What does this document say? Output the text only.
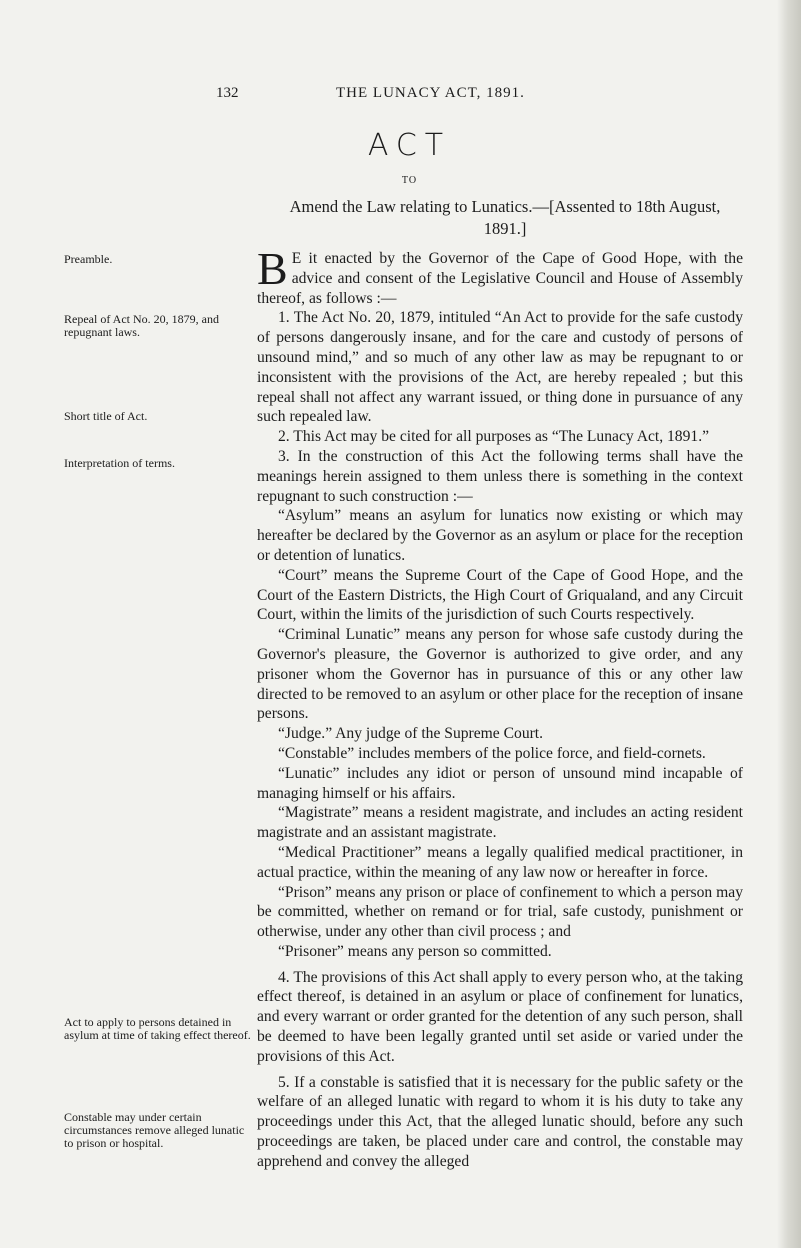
132	THE LUNACY ACT, 1891.
ACT
TO
Amend the Law relating to Lunatics.—[Assented to 18th August, 1891.]
Preamble.
Repeal of Act No. 20, 1879, and repugnant laws.
Short title of Act.
Interpretation of terms.
Act to apply to persons detained in asylum at time of taking effect thereof.
Constable may under certain circumstances remove alleged lunatic to prison or hospital.

B E it enacted by the Governor of the Cape of Good Hope, with the advice and consent of the Legislative Council and House of Assembly thereof, as follows :—

1. The Act No. 20, 1879, intituled “An Act to provide for the safe custody of persons dangerously insane, and for the care and custody of persons of unsound mind,” and so much of any other law as may be repugnant to or inconsistent with the provisions of the Act, are hereby repealed ; but this repeal shall not affect any warrant issued, or thing done in pursuance of any such repealed law.

2. This Act may be cited for all purposes as “The Lunacy Act, 1891.”

3. In the construction of this Act the following terms shall have the meanings herein assigned to them unless there is something in the context repugnant to such construction :—

“Asylum” means an asylum for lunatics now existing or which may hereafter be declared by the Governor as an asylum or place for the reception or detention of lunatics.

“Court” means the Supreme Court of the Cape of Good Hope, and the Court of the Eastern Districts, the High Court of Griqualand, and any Circuit Court, within the limits of the jurisdiction of such Courts respectively.

“Criminal Lunatic” means any person for whose safe custody during the Governor's pleasure, the Governor is authorized to give order, and any prisoner whom the Governor has in pursuance of this or any other law directed to be removed to an asylum or other place for the reception of insane persons.

“Judge.” Any judge of the Supreme Court.

“Constable” includes members of the police force, and field-cornets.

“Lunatic” includes any idiot or person of unsound mind incapable of managing himself or his affairs.

“Magistrate” means a resident magistrate, and includes an acting resident magistrate and an assistant magistrate.

“Medical Practitioner” means a legally qualified medical practitioner, in actual practice, within the meaning of any law now or hereafter in force.

“Prison” means any prison or place of confinement to which a person may be committed, whether on remand or for trial, safe custody, punishment or otherwise, under any other than civil process ; and

“Prisoner” means any person so committed.

4. The provisions of this Act shall apply to every person who, at the taking effect thereof, is detained in an asylum or place of confinement for lunatics, and every warrant or order granted for the detention of any such person, shall be deemed to have been legally granted until set aside or varied under the provisions of this Act.

5. If a constable is satisfied that it is necessary for the public safety or the welfare of an alleged lunatic with regard to whom it is his duty to take any proceedings under this Act, that the alleged lunatic should, before any such proceedings are taken, be placed under care and control, the constable may apprehend and convey the alleged
